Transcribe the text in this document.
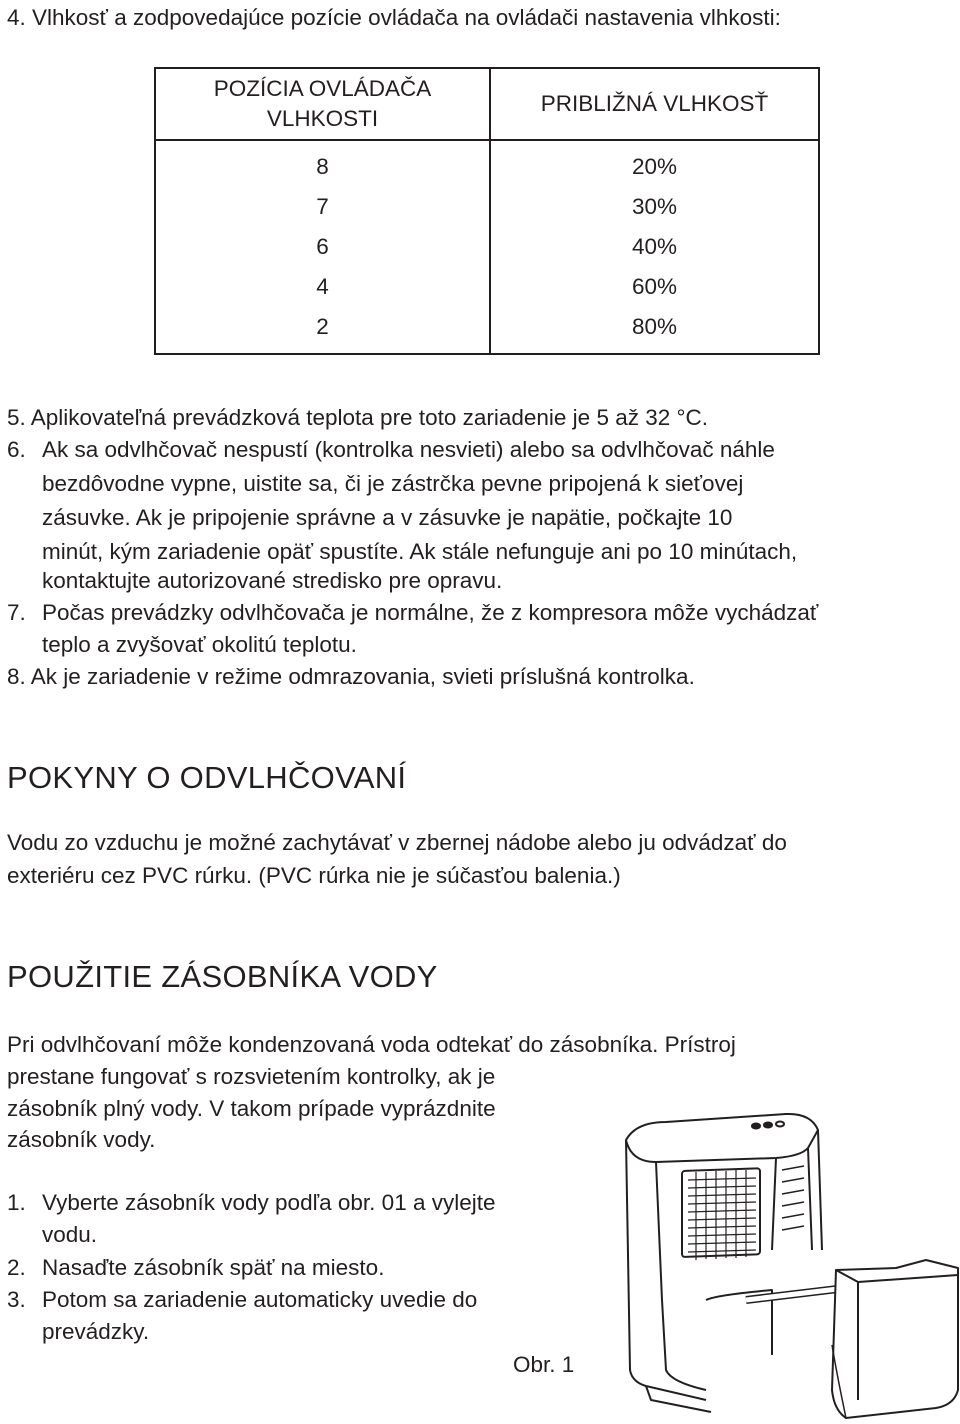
4. Vlhkosť a zodpovedajúce pozície ovládača na ovládači nastavenia vlhkosti:
POZÍCIA OVLÁDAČA
VLHKOSTI	PRIBLIŽNÁ VLHKOSŤ
8	20%
7	30%
6	40%
4	60%
2	80%
5. Aplikovateľná prevádzková teplota pre toto zariadenie je 5 až 32 °C.
6. Ak sa odvlhčovač nespustí (kontrolka nesvieti) alebo sa odvlhčovač náhle
bezdôvodne vypne, uistite sa, či je zástrčka pevne pripojená k sieťovej
zásuvke. Ak je pripojenie správne a v zásuvke je napätie, počkajte 10
minút, kým zariadenie opäť spustíte. Ak stále nefunguje ani po 10 minútach,
kontaktujte autorizované stredisko pre opravu.
7. Počas prevádzky odvlhčovača je normálne, že z kompresora môže vychádzať
teplo a zvyšovať okolitú teplotu.
8. Ak je zariadenie v režime odmrazovania, svieti príslušná kontrolka.
POKYNY O ODVLHČOVANÍ
Vodu zo vzduchu je možné zachytávať v zbernej nádobe alebo ju odvádzať do
exteriéru cez PVC rúrku. (PVC rúrka nie je súčasťou balenia.)
POUŽITIE ZÁSOBNÍKA VODY
Pri odvlhčovaní môže kondenzovaná voda odtekať do zásobníka. Prístroj
prestane fungovať s rozsvietením kontrolky, ak je
zásobník plný vody. V takom prípade vyprázdnite
zásobník vody.
1. Vyberte zásobník vody podľa obr. 01 a vylejte
vodu.
2. Nasaďte zásobník späť na miesto.
3. Potom sa zariadenie automaticky uvedie do
prevádzky.
Obr. 1
